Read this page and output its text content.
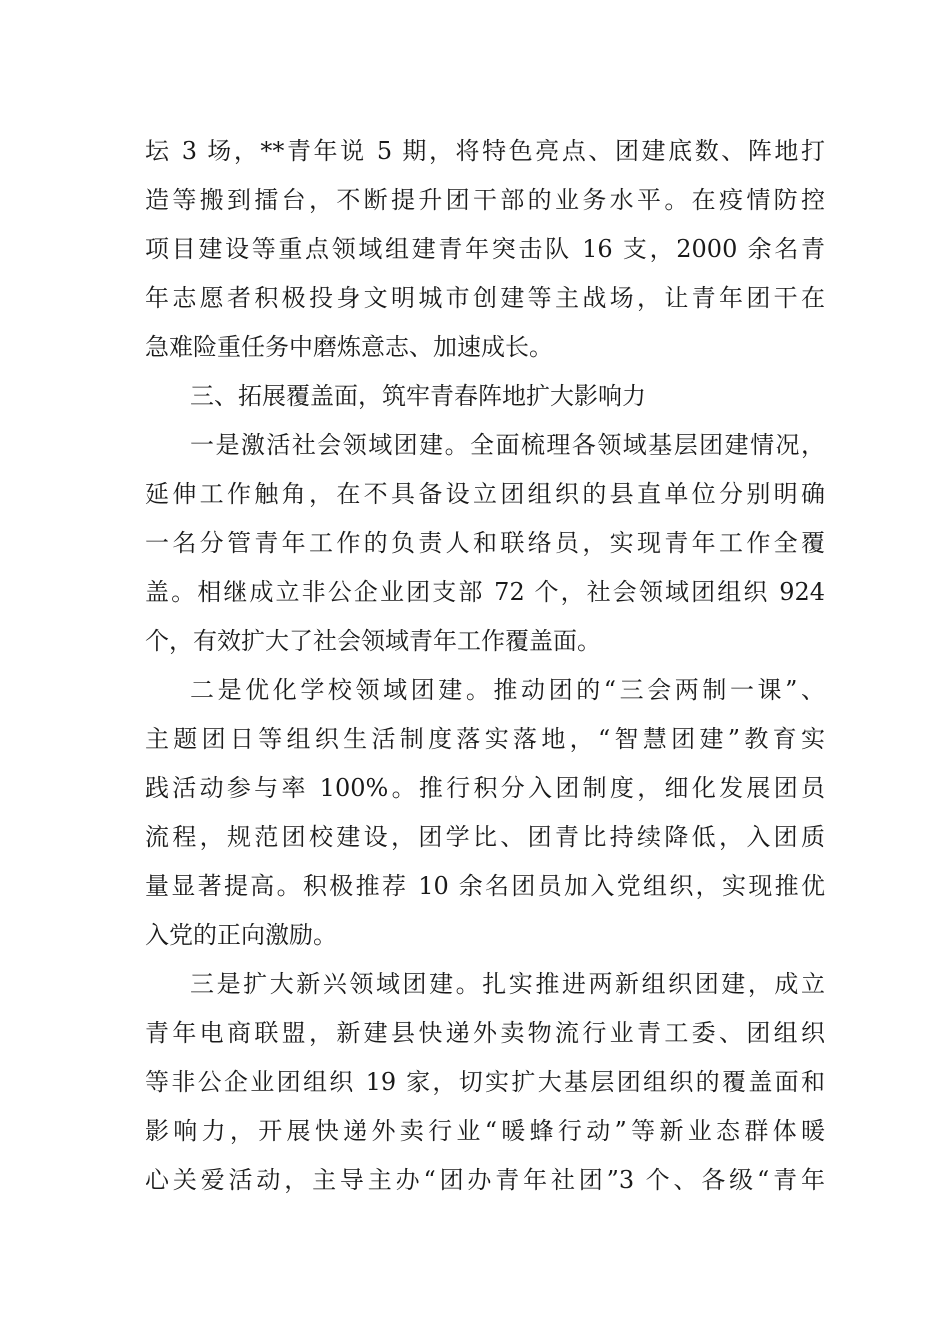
坛 3 场，**青年说 5 期，将特色亮点、团建底数、阵地打
造等搬到擂台，不断提升团干部的业务水平。在疫情防控
项目建设等重点领域组建青年突击队 16 支，2000 余名青
年志愿者积极投身文明城市创建等主战场，让青年团干在
急难险重任务中磨炼意志、加速成长。
三、拓展覆盖面，筑牢青春阵地扩大影响力
一是激活社会领域团建。全面梳理各领域基层团建情况，
延伸工作触角，在不具备设立团组织的县直单位分别明确
一名分管青年工作的负责人和联络员，实现青年工作全覆
盖。相继成立非公企业团支部 72 个，社会领域团组织 924
个，有效扩大了社会领域青年工作覆盖面。
二是优化学校领域团建。推动团的“三会两制一课”、
主题团日等组织生活制度落实落地，“智慧团建”教育实
践活动参与率 100%。推行积分入团制度，细化发展团员
流程，规范团校建设，团学比、团青比持续降低，入团质
量显著提高。积极推荐 10 余名团员加入党组织，实现推优
入党的正向激励。
三是扩大新兴领域团建。扎实推进两新组织团建，成立
青年电商联盟，新建县快递外卖物流行业青工委、团组织
等非公企业团组织 19 家，切实扩大基层团组织的覆盖面和
影响力，开展快递外卖行业“暖蜂行动”等新业态群体暖
心关爱活动，主导主办“团办青年社团”3 个、各级“青年
